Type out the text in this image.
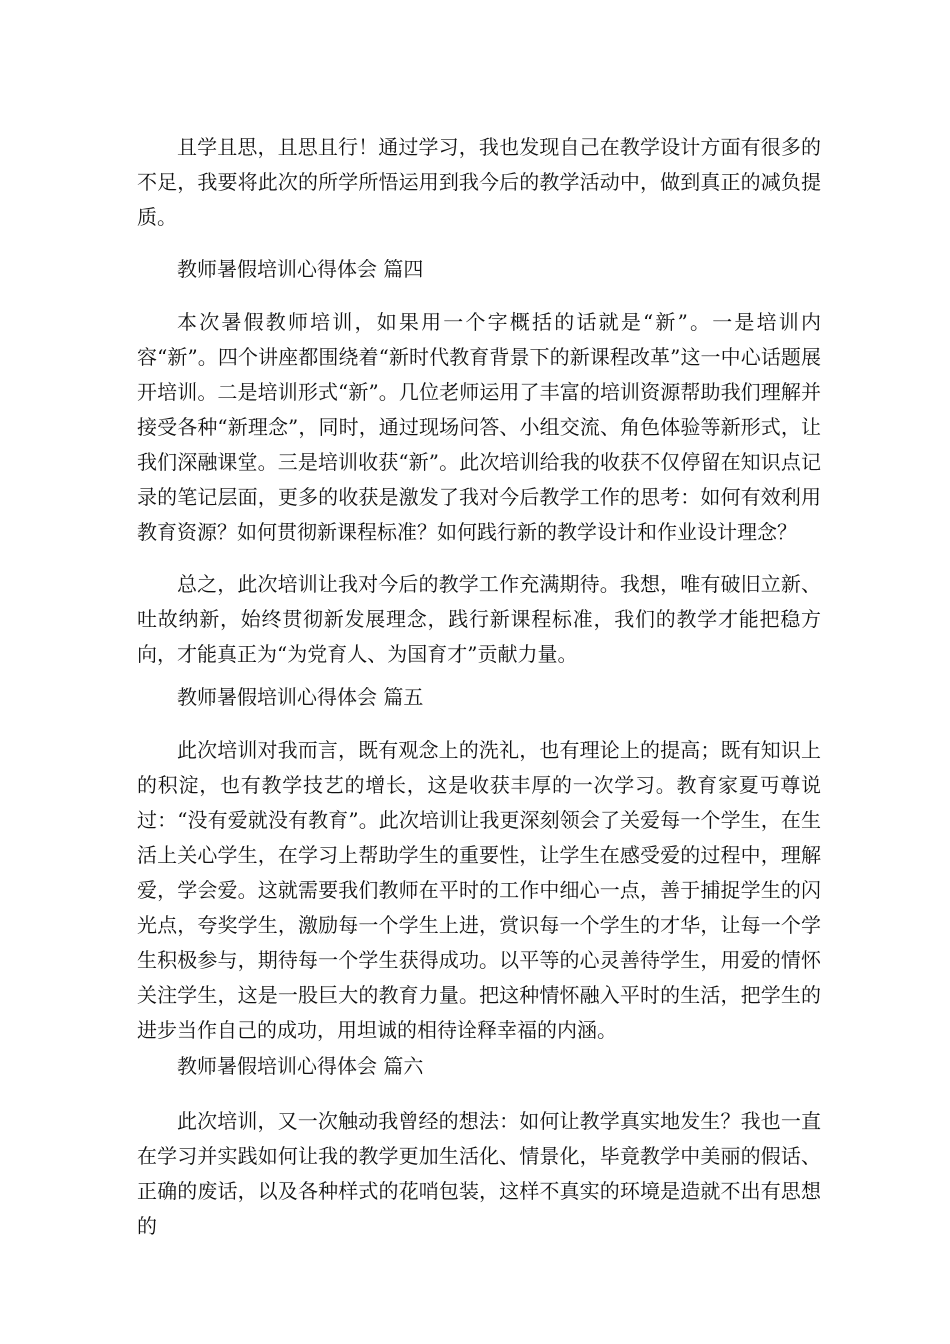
且学且思，且思且行！通过学习，我也发现自己在教学设计方面有很多的不足，我要将此次的所学所悟运用到我今后的教学活动中，做到真正的减负提质。

教师暑假培训心得体会 篇四

本次暑假教师培训，如果用一个字概括的话就是“新”。一是培训内容“新”。四个讲座都围绕着“新时代教育背景下的新课程改革”这一中心话题展开培训。二是培训形式“新”。几位老师运用了丰富的培训资源帮助我们理解并接受各种“新理念”，同时，通过现场问答、小组交流、角色体验等新形式，让我们深融课堂。三是培训收获“新”。此次培训给我的收获不仅停留在知识点记录的笔记层面，更多的收获是激发了我对今后教学工作的思考：如何有效利用教育资源？如何贯彻新课程标准？如何践行新的教学设计和作业设计理念？

总之，此次培训让我对今后的教学工作充满期待。我想，唯有破旧立新、吐故纳新，始终贯彻新发展理念，践行新课程标准，我们的教学才能把稳方向，才能真正为“为党育人、为国育才”贡献力量。

教师暑假培训心得体会 篇五

此次培训对我而言，既有观念上的洗礼，也有理论上的提高；既有知识上的积淀，也有教学技艺的增长，这是收获丰厚的一次学习。教育家夏丏尊说过：“没有爱就没有教育”。此次培训让我更深刻领会了关爱每一个学生，在生活上关心学生，在学习上帮助学生的重要性，让学生在感受爱的过程中，理解爱，学会爱。这就需要我们教师在平时的工作中细心一点，善于捕捉学生的闪光点，夸奖学生，激励每一个学生上进，赏识每一个学生的才华，让每一个学生积极参与，期待每一个学生获得成功。以平等的心灵善待学生，用爱的情怀关注学生，这是一股巨大的教育力量。把这种情怀融入平时的生活，把学生的进步当作自己的成功，用坦诚的相待诠释幸福的内涵。

教师暑假培训心得体会 篇六

此次培训，又一次触动我曾经的想法：如何让教学真实地发生？我也一直在学习并实践如何让我的教学更加生活化、情景化，毕竟教学中美丽的假话、正确的废话，以及各种样式的花哨包装，这样不真实的环境是造就不出有思想的
